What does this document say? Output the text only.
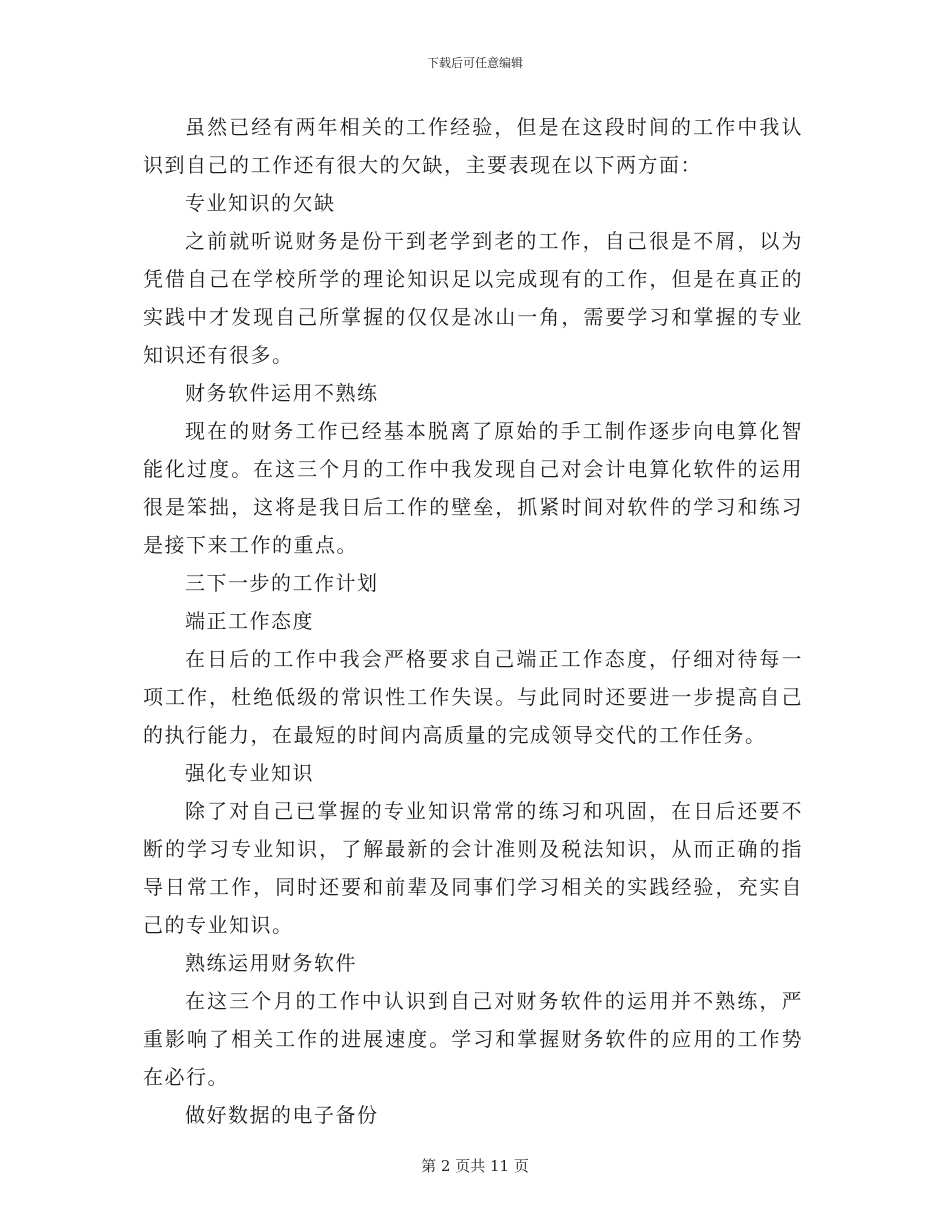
下载后可任意编辑

虽然已经有两年相关的工作经验，但是在这段时间的工作中我认识到自己的工作还有很大的欠缺，主要表现在以下两方面：

专业知识的欠缺

之前就听说财务是份干到老学到老的工作，自己很是不屑，以为凭借自己在学校所学的理论知识足以完成现有的工作，但是在真正的实践中才发现自己所掌握的仅仅是冰山一角，需要学习和掌握的专业知识还有很多。

财务软件运用不熟练

现在的财务工作已经基本脱离了原始的手工制作逐步向电算化智能化过度。在这三个月的工作中我发现自己对会计电算化软件的运用很是笨拙，这将是我日后工作的壁垒，抓紧时间对软件的学习和练习是接下来工作的重点。

三下一步的工作计划

端正工作态度

在日后的工作中我会严格要求自己端正工作态度，仔细对待每一项工作，杜绝低级的常识性工作失误。与此同时还要进一步提高自己的执行能力，在最短的时间内高质量的完成领导交代的工作任务。

强化专业知识

除了对自己已掌握的专业知识常常的练习和巩固，在日后还要不断的学习专业知识，了解最新的会计准则及税法知识，从而正确的指导日常工作，同时还要和前辈及同事们学习相关的实践经验，充实自己的专业知识。

熟练运用财务软件

在这三个月的工作中认识到自己对财务软件的运用并不熟练，严重影响了相关工作的进展速度。学习和掌握财务软件的应用的工作势在必行。

做好数据的电子备份

第 2 页共 11 页
